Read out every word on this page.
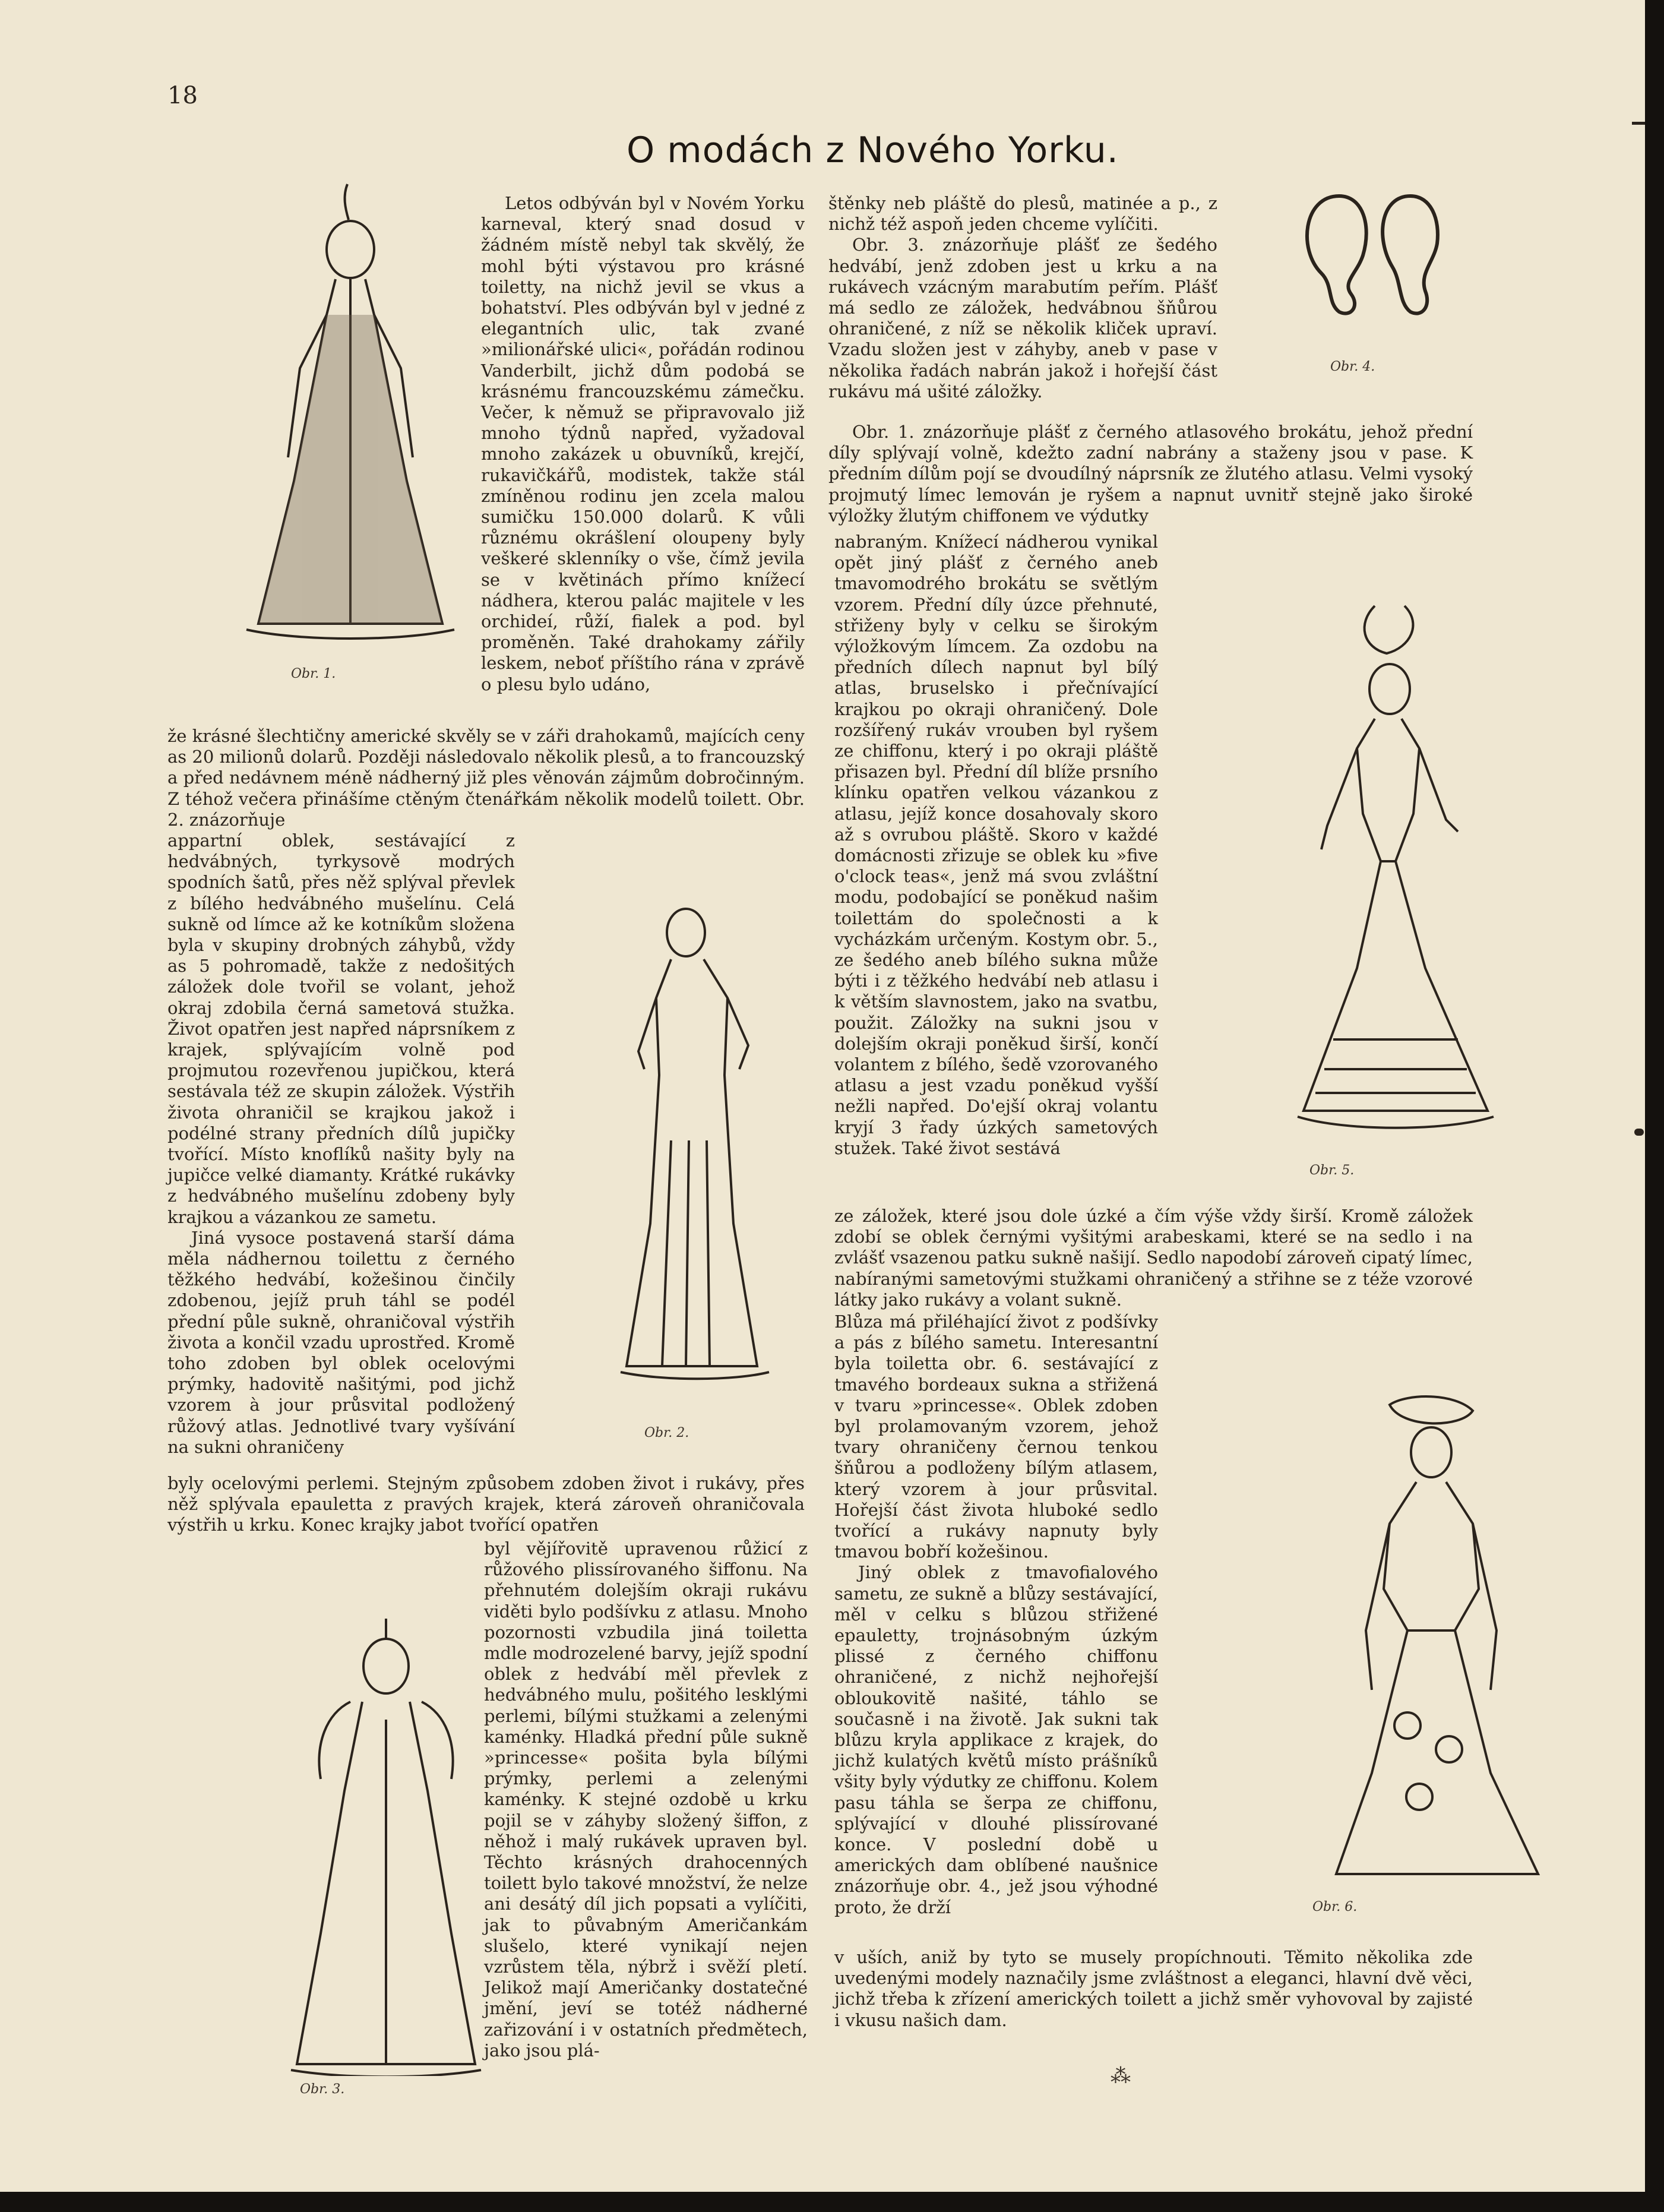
18
O modách z Nového Yorku.
Obr. 1.
Obr. 2.
Obr. 3.
Obr. 4.
Obr. 5.
Obr. 6.

Letos odbýván byl v Novém Yorku karneval, který snad dosud v žádném místě nebyl tak skvělý, že mohl býti výstavou pro krásné toiletty, na nichž jevil se vkus a bohatství. Ples odbýván byl v jedné z elegantních ulic, tak zvané »milionářské ulici«, pořádán rodinou Vanderbilt, jichž dům podobá se krásnému francouzskému zámečku. Večer, k němuž se připravovalo již mnoho týdnů napřed, vyžadoval mnoho zakázek u obuvníků, krejčí, rukavičkářů, modistek, takže stál zmíněnou rodinu jen zcela malou sumičku 150.000 dolarů. K vůli různému okrášlení oloupeny byly veškeré sklenníky o vše, čímž jevila se v květinách přímo knížecí nádhera, kterou palác majitele v les orchideí, růží, fialek a pod. byl proměněn. Také drahokamy zářily leskem, neboť příštího rána v zprávě o plesu bylo udáno,

že krásné šlechtičny americké skvěly se v záři drahokamů, majících ceny as 20 milionů dolarů. Později následovalo několik plesů, a to francouzský a před nedávnem méně nádherný již ples věnován zájmům dobročinným. Z téhož večera přinášíme ctěným čtenářkám několik modelů toilett. Obr. 2. znázorňuje

appartní oblek, sestávající z hedvábných, tyrkysově modrých spodních šatů, přes něž splýval převlek z bílého hedvábného mušelínu. Celá sukně od límce až ke kotníkům složena byla v skupiny drobných záhybů, vždy as 5 pohromadě, takže z nedošitých záložek dole tvořil se volant, jehož okraj zdobila černá sametová stužka. Život opatřen jest napřed náprsníkem z krajek, splývajícím volně pod projmutou rozevřenou jupičkou, která sestávala též ze skupin záložek. Výstřih života ohraničil se krajkou jakož i podélné strany předních dílů jupičky tvořící. Místo knoflíků našity byly na jupičce velké diamanty. Krátké rukávky z hedvábného mušelínu zdobeny byly krajkou a vázankou ze sametu.

Jiná vysoce postavená starší dáma měla nádhernou toilettu z černého těžkého hedvábí, kožešinou činčily zdobenou, jejíž pruh táhl se podél přední půle sukně, ohraničoval výstřih života a končil vzadu uprostřed. Kromě toho zdoben byl oblek ocelovými prýmky, hadovitě našitými, pod jichž vzorem à jour průsvital podložený růžový atlas. Jednotlivé tvary vyšívání na sukni ohraničeny

byly ocelovými perlemi. Stejným způsobem zdoben život i rukávy, přes něž splývala epauletta z pravých krajek, která zároveň ohraničovala výstřih u krku. Konec krajky jabot tvořící opatřen

byl vějířovitě upravenou růžicí z růžového plissírovaného šiffonu. Na přehnutém dolejším okraji rukávu viděti bylo podšívku z atlasu. Mnoho pozornosti vzbudila jiná toiletta mdle modrozelené barvy, jejíž spodní oblek z hedvábí měl převlek z hedvábného mulu, pošitého lesklými perlemi, bílými stužkami a zelenými kaménky. Hladká přední půle sukně »princesse« pošita byla bílými prýmky, perlemi a zelenými kaménky. K stejné ozdobě u krku pojil se v záhyby složený šiffon, z něhož i malý rukávek upraven byl. Těchto krásných drahocenných toilett bylo takové množství, že nelze ani desátý díl jich popsati a vylíčiti, jak to půvabným Američankám slušelo, které vynikají nejen vzrůstem těla, nýbrž i svěží pletí. Jelikož mají Američanky dostatečné jmění, jeví se totéž nádherné zařizování i v ostatních předmětech, jako jsou plá-

štěnky neb pláště do plesů, matinée a p., z nichž též aspoň jeden chceme vylíčiti.

Obr. 3. znázorňuje plášť ze šedého hedvábí, jenž zdoben jest u krku a na rukávech vzácným marabutím peřím. Plášť má sedlo ze záložek, hedvábnou šňůrou ohraničené, z níž se několik kliček upraví. Vzadu složen jest v záhyby, aneb v pase v několika řadách nabrán jakož i hořejší část rukávu má ušité záložky.

Obr. 1. znázorňuje plášť z černého atlasového brokátu, jehož přední díly splývají volně, kdežto zadní nabrány a staženy jsou v pase. K předním dílům pojí se dvoudílný náprsník ze žlutého atlasu. Velmi vysoký projmutý límec lemován je ryšem a napnut uvnitř stejně jako široké výložky žlutým chiffonem ve výdutky

nabraným. Knížecí nádherou vynikal opět jiný plášť z černého aneb tmavomodrého brokátu se světlým vzorem. Přední díly úzce přehnuté, střiženy byly v celku se širokým výložkovým límcem. Za ozdobu na předních dílech napnut byl bílý atlas, bruselsko i přečnívající krajkou po okraji ohraničený. Dole rozšířený rukáv vrouben byl ryšem ze chiffonu, který i po okraji pláště přisazen byl. Přední díl blíže prsního klínku opatřen velkou vázankou z atlasu, jejíž konce dosahovaly skoro až s ovrubou pláště. Skoro v každé domácnosti zřizuje se oblek ku »five o'clock teas«, jenž má svou zvláštní modu, podobající se poněkud našim toilettám do společnosti a k vycházkám určeným. Kostym obr. 5., ze šedého aneb bílého sukna může býti i z těžkého hedvábí neb atlasu i k větším slavnostem, jako na svatbu, použit. Záložky na sukni jsou v dolejším okraji poněkud širší, končí volantem z bílého, šedě vzorovaného atlasu a jest vzadu poněkud vyšší nežli napřed. Do'ejší okraj volantu kryjí 3 řady úzkých sametových stužek. Také život sestává

ze záložek, které jsou dole úzké a čím výše vždy širší. Kromě záložek zdobí se oblek černými vyšitými arabeskami, které se na sedlo i na zvlášť vsazenou patku sukně našijí. Sedlo napodobí zároveň cipatý límec, nabíranými sametovými stužkami ohraničený a střihne se z téže vzorové látky jako rukávy a volant sukně.

Blůza má přiléhající život z podšívky a pás z bílého sametu. Interesantní byla toiletta obr. 6. sestávající z tmavého bordeaux sukna a střižená v tvaru »princesse«. Oblek zdoben byl prolamovaným vzorem, jehož tvary ohraničeny černou tenkou šňůrou a podloženy bílým atlasem, který vzorem à jour průsvital. Hořejší část života hluboké sedlo tvořící a rukávy napnuty byly tmavou bobří kožešinou.

Jiný oblek z tmavofialového sametu, ze sukně a blůzy sestávající, měl v celku s blůzou střižené epauletty, trojnásobným úzkým plissé z černého chiffonu ohraničené, z nichž nejhořejší obloukovitě našité, táhlo se současně i na životě. Jak sukni tak blůzu kryla applikace z krajek, do jichž kulatých květů místo prášníků všity byly výdutky ze chiffonu. Kolem pasu táhla se šerpa ze chiffonu, splývající v dlouhé plissírované konce. V poslední době u amerických dam oblíbené naušnice znázorňuje obr. 4., jež jsou výhodné proto, že drží

v uších, aniž by tyto se musely propíchnouti. Těmito několika zde uvedenými modely naznačily jsme zvláštnost a eleganci, hlavní dvě věci, jichž třeba k zřízení amerických toilett a jichž směr vyhovoval by zajisté i vkusu našich dam.

⁂
